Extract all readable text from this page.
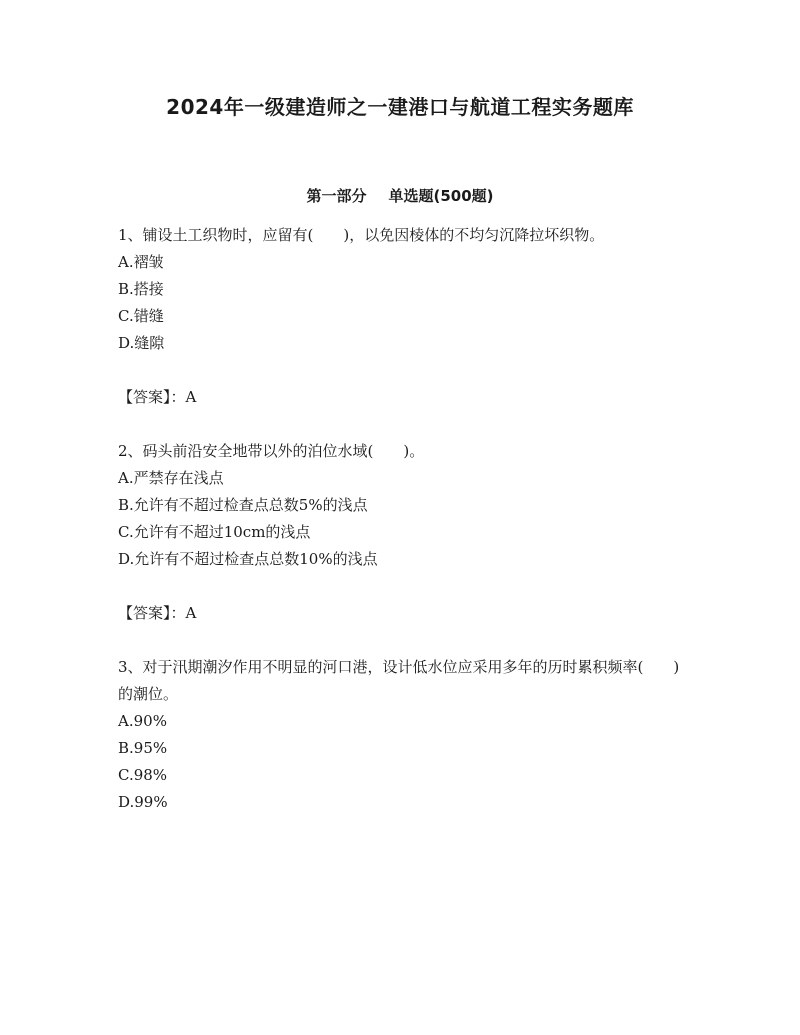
2024年一级建造师之一建港口与航道工程实务题库
第一部分 单选题(500题)

1、铺设土工织物时，应留有(　　)，以免因棱体的不均匀沉降拉坏织物。

A.褶皱

B.搭接

C.错缝

D.缝隙

【答案】：A

2、码头前沿安全地带以外的泊位水域(　　)。

A.严禁存在浅点

B.允许有不超过检查点总数5%的浅点

C.允许有不超过10cm的浅点

D.允许有不超过检查点总数10%的浅点

【答案】：A

3、对于汛期潮汐作用不明显的河口港，设计低水位应采用多年的历时累积频率(　　)的潮位。

A.90%

B.95%

C.98%

D.99%
